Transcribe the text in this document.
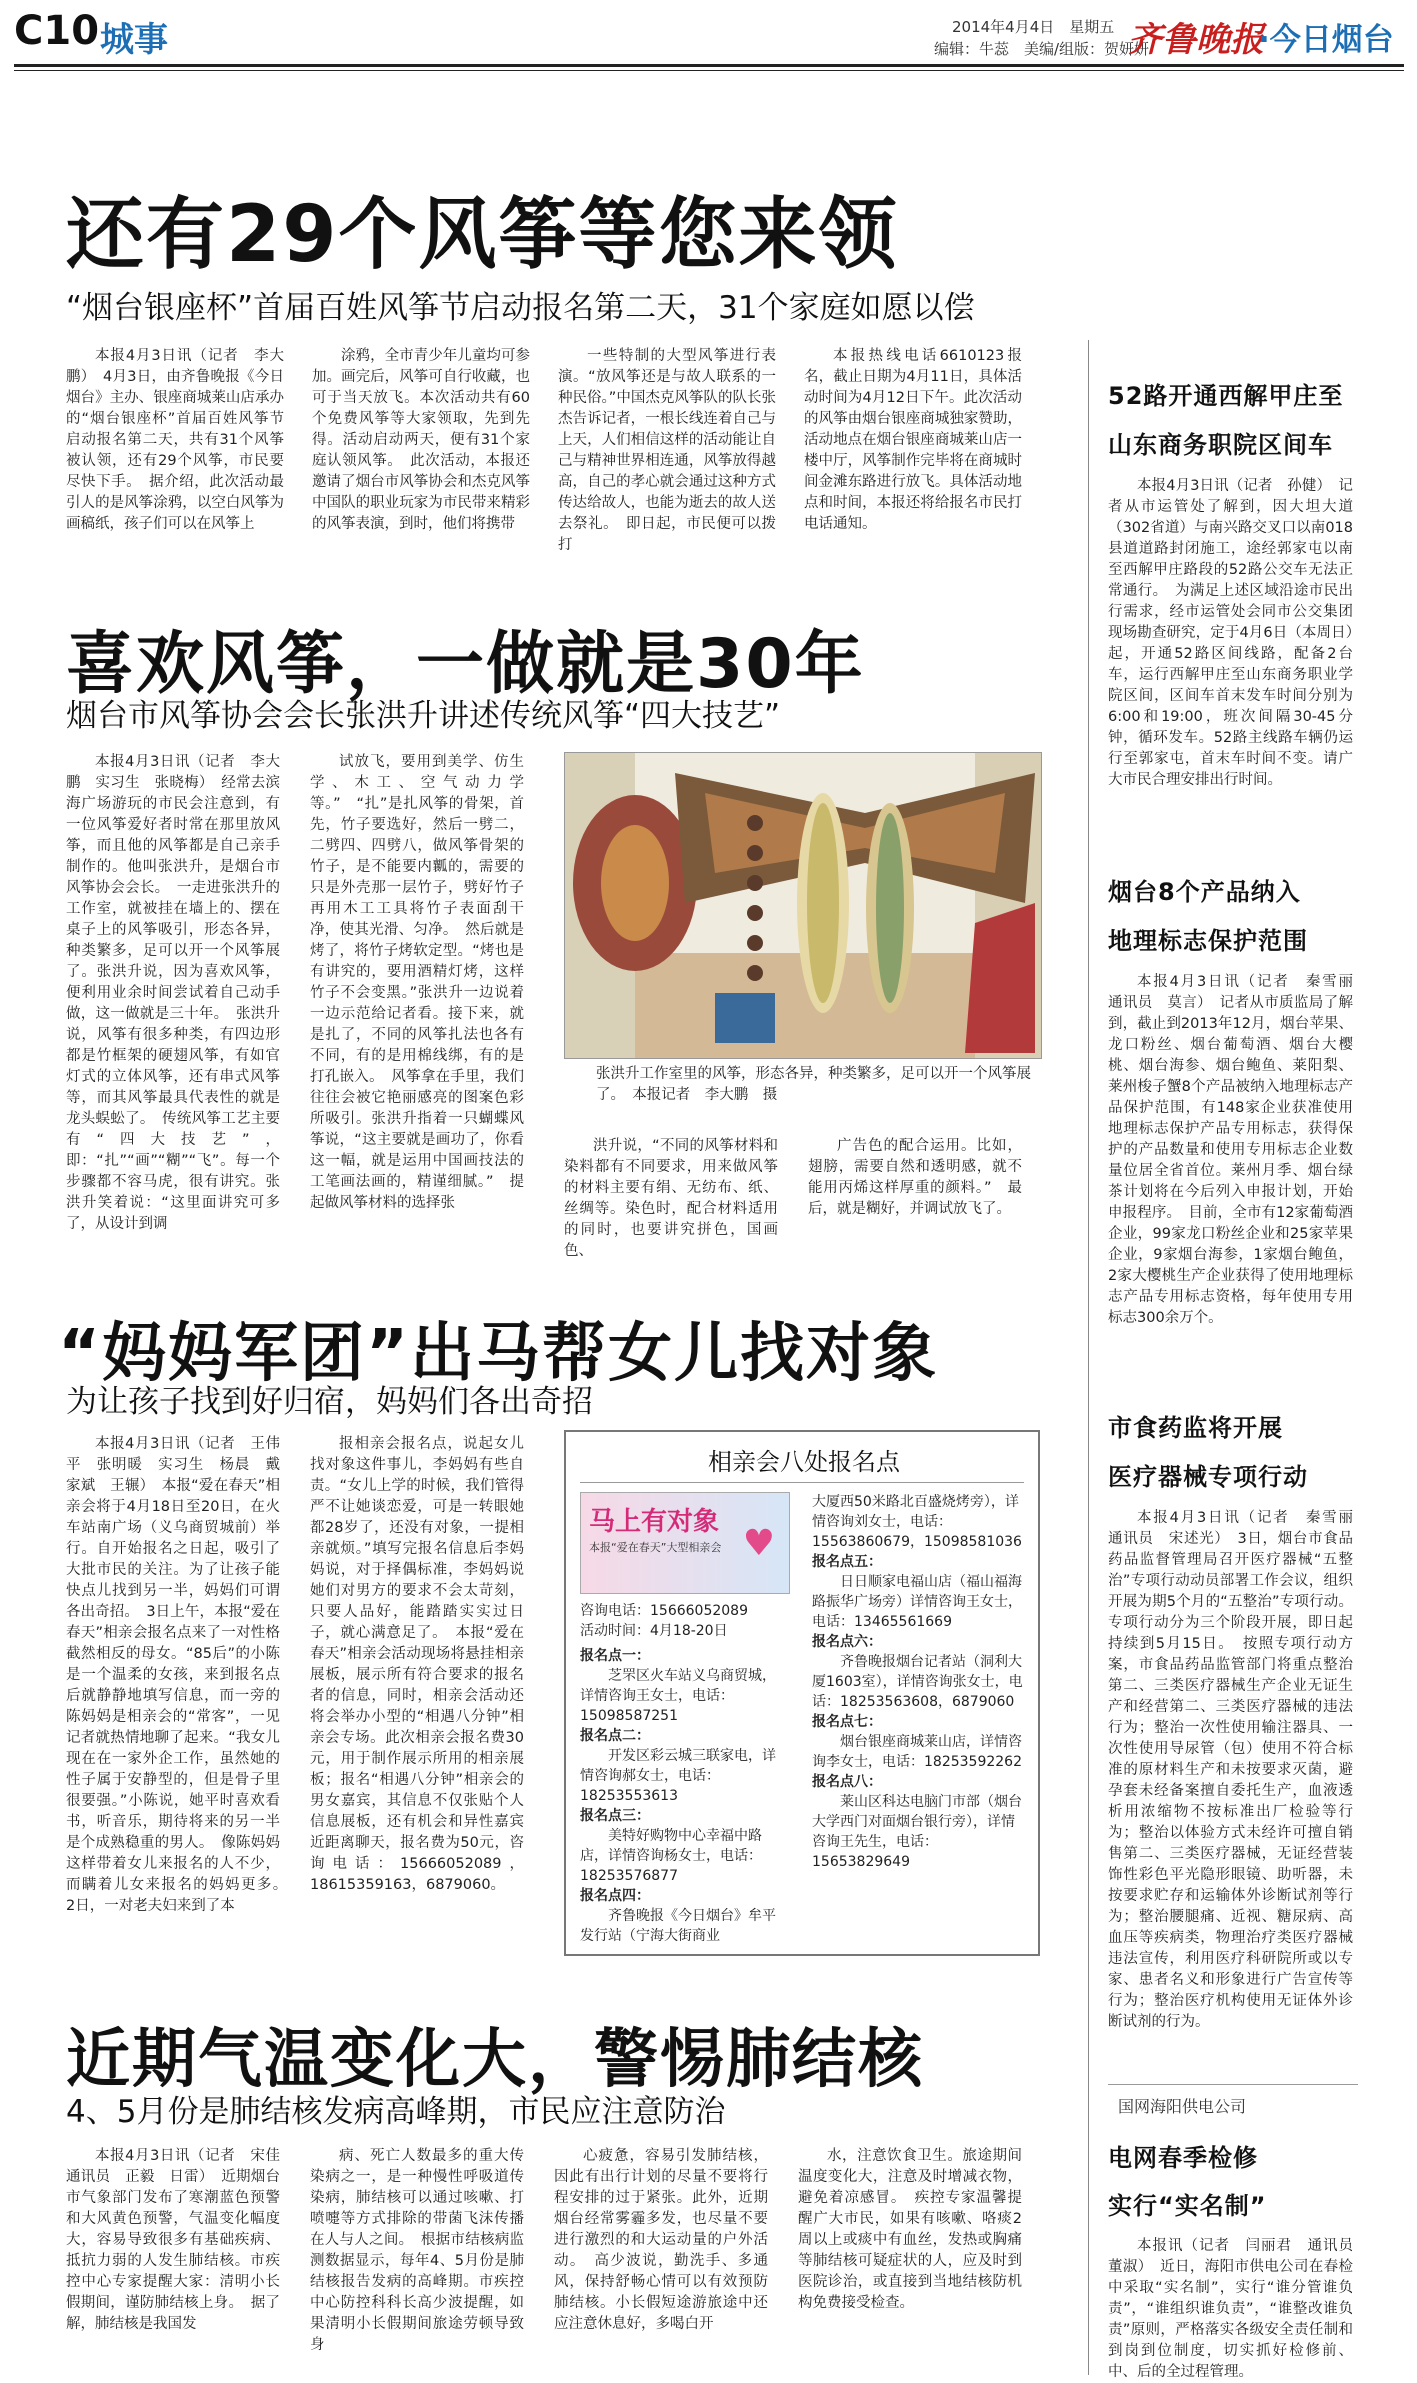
C10 城事	2014年4月4日　星期五
编辑：牛蕊　美编/组版：贺妍妍
齐鲁晚报
·今日烟台
还有29个风筝等您来领
“烟台银座杯”首届百姓风筝节启动报名第二天，31个家庭如愿以偿

本报4月3日讯（记者　李大鹏）　4月3日，由齐鲁晚报《今日烟台》主办、银座商城莱山店承办的“烟台银座杯”首届百姓风筝节启动报名第二天，共有31个风筝被认领，还有29个风筝，市民要尽快下手。　据介绍，此次活动最引人的是风筝涂鸦，以空白风筝为画稿纸，孩子们可以在风筝上

涂鸦，全市青少年儿童均可参加。画完后，风筝可自行收藏，也可于当天放飞。本次活动共有60个免费风筝等大家领取，先到先得。活动启动两天，便有31个家庭认领风筝。　此次活动，本报还邀请了烟台市风筝协会和杰克风筝中国队的职业玩家为市民带来精彩的风筝表演，到时，他们将携带

一些特制的大型风筝进行表演。“放风筝还是与故人联系的一种民俗。”中国杰克风筝队的队长张杰告诉记者，一根长线连着自己与上天，人们相信这样的活动能让自己与精神世界相连通，风筝放得越高，自己的孝心就会通过这种方式传达给故人，也能为逝去的故人送去祭礼。　即日起，市民便可以拨打

本报热线电话6610123报名，截止日期为4月11日，具体活动时间为4月12日下午。此次活动的风筝由烟台银座商城独家赞助，活动地点在烟台银座商城莱山店一楼中厅，风筝制作完毕将在商城时间金滩东路进行放飞。具体活动地点和时间，本报还将给报名市民打电话通知。

52路开通西解甲庄至
山东商务职院区间车

本报4月3日讯（记者　孙健）　记者从市运管处了解到，因大坦大道（302省道）与南兴路交叉口以南018县道道路封闭施工，途经郭家屯以南至西解甲庄路段的52路公交车无法正常通行。　为满足上述区域沿途市民出行需求，经市运管处会同市公交集团现场勘查研究，定于4月6日（本周日）起，开通52路区间线路，配备2台车，运行西解甲庄至山东商务职业学院区间，区间车首末发车时间分别为6:00和19:00，班次间隔30-45分钟，循环发车。52路主线路车辆仍运行至郭家屯，首末车时间不变。请广大市民合理安排出行时间。

喜欢风筝，一做就是30年
烟台市风筝协会会长张洪升讲述传统风筝“四大技艺”

本报4月3日讯（记者　李大鹏　实习生　张晓梅）　经常去滨海广场游玩的市民会注意到，有一位风筝爱好者时常在那里放风筝，而且他的风筝都是自己亲手制作的。他叫张洪升，是烟台市风筝协会会长。　一走进张洪升的工作室，就被挂在墙上的、摆在桌子上的风筝吸引，形态各异，种类繁多，足可以开一个风筝展了。张洪升说，因为喜欢风筝，便利用业余时间尝试着自己动手做，这一做就是三十年。　张洪升说，风筝有很多种类，有四边形都是竹框架的硬翅风筝，有如官灯式的立体风筝，还有串式风筝等，而其风筝最具代表性的就是龙头蜈蚣了。　传统风筝工艺主要有“四大技艺”，即：“扎”“画”“糊”“飞”。每一个步骤都不容马虎，很有讲究。张洪升笑着说：“这里面讲究可多了，从设计到调

试放飞，要用到美学、仿生学、木工、空气动力学等。”　“扎”是扎风筝的骨架，首先，竹子要选好，然后一劈二，二劈四、四劈八，做风筝骨架的竹子，是不能要内瓤的，需要的只是外壳那一层竹子，劈好竹子再用木工工具将竹子表面刮干净，使其光滑、匀净。　然后就是烤了，将竹子烤软定型。“烤也是有讲究的，要用酒精灯烤，这样竹子不会变黑。”张洪升一边说着一边示范给记者看。接下来，就是扎了，不同的风筝扎法也各有不同，有的是用棉线绑，有的是打孔嵌入。　风筝拿在手里，我们往往会被它艳丽感亮的图案色彩所吸引。张洪升指着一只蝴蝶风筝说，“这主要就是画功了，你看这一幅，就是运用中国画技法的工笔画法画的，精谨细腻。”　提起做风筝材料的选择张

张洪升工作室里的风筝，形态各异，种类繁多，足可以开一个风筝展了。　本报记者　李大鹏　摄

洪升说，“不同的风筝材料和染料都有不同要求，用来做风筝的材料主要有绢、无纺布、纸、丝绸等。染色时，配合材料适用的同时，也要讲究拼色，国画色、

广告色的配合运用。比如，翅膀，需要自然和透明感，就不能用丙烯这样厚重的颜料。”　最后，就是糊好，并调试放飞了。

烟台8个产品纳入
地理标志保护范围

本报4月3日讯（记者　秦雪丽　通讯员　莫言）　记者从市质监局了解到，截止到2013年12月，烟台苹果、龙口粉丝、烟台葡萄酒、烟台大樱桃、烟台海参、烟台鲍鱼、莱阳梨、莱州梭子蟹8个产品被纳入地理标志产品保护范围，有148家企业获准使用地理标志保护产品专用标志，获得保护的产品数量和使用专用标志企业数量位居全省首位。莱州月季、烟台绿茶计划将在今后列入申报计划，开始申报程序。　目前，全市有12家葡萄酒企业，99家龙口粉丝企业和25家苹果企业，9家烟台海参，1家烟台鲍鱼，2家大樱桃生产企业获得了使用地理标志产品专用标志资格，每年使用专用标志300余万个。

“妈妈军团”出马帮女儿找对象
为让孩子找到好归宿，妈妈们各出奇招

本报4月3日讯（记者　王伟平　张明暖　实习生　杨晨　戴家斌　王辗）　本报“爱在春天”相亲会将于4月18日至20日，在火车站南广场（义乌商贸城前）举行。自开始报名之日起，吸引了大批市民的关注。为了让孩子能快点儿找到另一半，妈妈们可谓各出奇招。　3日上午，本报“爱在春天”相亲会报名点来了一对性格截然相反的母女。“85后”的小陈是一个温柔的女孩，来到报名点后就静静地填写信息，而一旁的陈妈妈是相亲会的“常客”，一见记者就热情地聊了起来。“我女儿现在在一家外企工作，虽然她的性子属于安静型的，但是骨子里很要强。”小陈说，她平时喜欢看书，听音乐，期待将来的另一半是个成熟稳重的男人。　像陈妈妈这样带着女儿来报名的人不少，而瞒着儿女来报名的妈妈更多。　2日，一对老夫妇来到了本

报相亲会报名点，说起女儿找对象这件事儿，李妈妈有些自责。“女儿上学的时候，我们管得严不让她谈恋爱，可是一转眼她都28岁了，还没有对象，一提相亲就烦。”填写完报名信息后李妈妈说，对于择偶标准，李妈妈说她们对男方的要求不会太苛刻，只要人品好，能踏踏实实过日子，就心满意足了。　本报“爱在春天”相亲会活动现场将悬挂相亲展板，展示所有符合要求的报名者的信息，同时，相亲会活动还将会举办小型的“相遇八分钟”相亲会专场。此次相亲会报名费30元，用于制作展示所用的相亲展板；报名“相遇八分钟”相亲会的男女嘉宾，其信息不仅张贴个人信息展板，还有机会和异性嘉宾近距离聊天，报名费为50元，咨询电话：15666052089，18615359163，6879060。

相亲会八处报名点
马上有对象
本报“爱在春天”大型相亲会 ♥
咨询电话：15666052089
活动时间：4月18-20日
报名点一：
芝罘区火车站义乌商贸城，详情咨询王女士，电话：15098587251
报名点二：
开发区彩云城三联家电，详情咨询郝女士，电话：18253553613
报名点三：
美特好购物中心幸福中路店，详情咨询杨女士，电话：18253576877
报名点四：
齐鲁晚报《今日烟台》牟平发行站（宁海大街商业
大厦西50米路北百盛烧烤旁），详情咨询刘女士，电话：15563860679，15098581036
报名点五：
日日顺家电福山店（福山福海路振华广场旁）详情咨询王女士，电话：13465561669
报名点六：
齐鲁晚报烟台记者站（洞利大厦1603室），详情咨询张女士，电话：18253563608，6879060
报名点七：
烟台银座商城莱山店，详情咨询李女士，电话：18253592262
报名点八：
莱山区科达电脑门市部（烟台大学西门对面烟台银行旁），详情咨询王先生，电话：15653829649
市食药监将开展
医疗器械专项行动

本报4月3日讯（记者　秦雪丽　通讯员　宋述光）　3日，烟台市食品药品监督管理局召开医疗器械“五整治”专项行动动员部署工作会议，组织开展为期5个月的“五整治”专项行动。专项行动分为三个阶段开展，即日起持续到5月15日。　按照专项行动方案，市食品药品监管部门将重点整治第二、三类医疗器械生产企业无证生产和经营第二、三类医疗器械的违法行为；整治一次性使用输注器具、一次性使用导尿管（包）使用不符合标准的原材料生产和未按要求灭菌，避孕套未经备案擅自委托生产，血液透析用浓缩物不按标准出厂检验等行为；整治以体验方式未经许可擅自销售第二、三类医疗器械，无证经营装饰性彩色平光隐形眼镜、助听器，未按要求贮存和运输体外诊断试剂等行为；整治腰腿痛、近视、糖尿病、高血压等疾病类，物理治疗类医疗器械违法宣传，利用医疗科研院所或以专家、患者名义和形象进行广告宣传等行为；整治医疗机构使用无证体外诊断试剂的行为。

近期气温变化大，警惕肺结核
4、5月份是肺结核发病高峰期，市民应注意防治

本报4月3日讯（记者　宋佳　通讯员　正毅　日雷）　近期烟台市气象部门发布了寒潮蓝色预警和大风黄色预警，气温变化幅度大，容易导致很多有基础疾病、抵抗力弱的人发生肺结核。市疾控中心专家提醒大家：清明小长假期间，谨防肺结核上身。　据了解，肺结核是我国发

病、死亡人数最多的重大传染病之一，是一种慢性呼吸道传染病，肺结核可以通过咳嗽、打喷嚏等方式排除的带菌飞沫传播在人与人之间。　根据市结核病监测数据显示，每年4、5月份是肺结核报告发病的高峰期。市疾控中心防控科科长高少波提醒，如果清明小长假期间旅途劳顿导致身

心疲惫，容易引发肺结核，因此有出行计划的尽量不要将行程安排的过于紧张。此外，近期烟台经常雾霾多发，也尽量不要进行激烈的和大运动量的户外活动。　高少波说，勤洗手、多通风，保持舒畅心情可以有效预防肺结核。小长假短途游旅途中还应注意休息好，多喝白开

水，注意饮食卫生。旅途期间温度变化大，注意及时增减衣物，避免着凉感冒。　疾控专家温馨提醒广大市民，如果有咳嗽、咯痰2周以上或痰中有血丝，发热或胸痛等肺结核可疑症状的人，应及时到医院诊治，或直接到当地结核防机构免费接受检查。

国网海阳供电公司
电网春季检修
实行“实名制”

本报讯（记者　闫丽君　通讯员　董淑）　近日，海阳市供电公司在春检中采取“实名制”，实行“谁分管谁负责”，“谁组织谁负责”，“谁整改谁负责”原则，严格落实各级安全责任制和到岗到位制度，切实抓好检修前、中、后的全过程管理。
